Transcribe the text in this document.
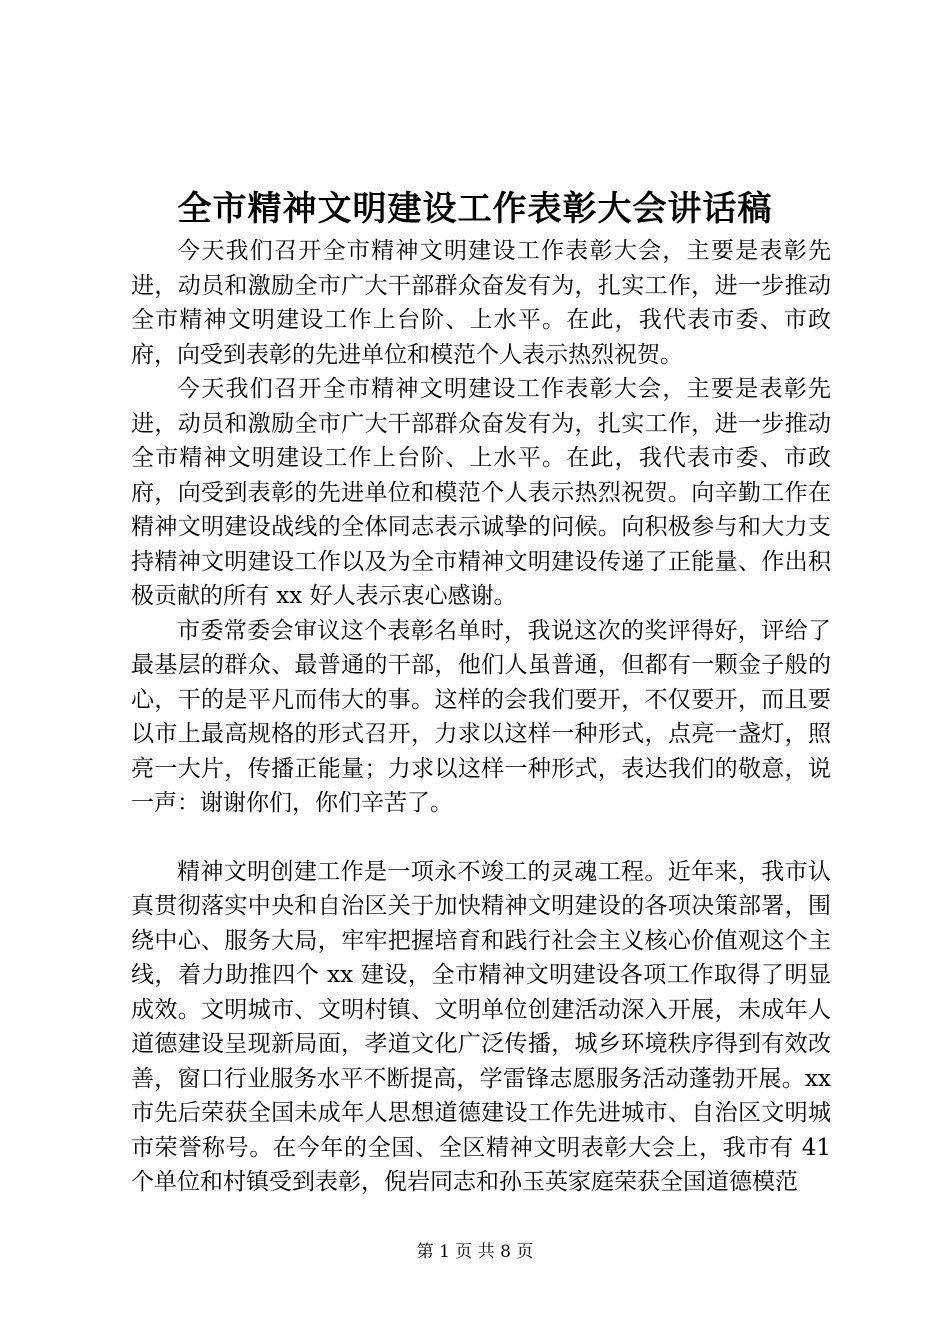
全市精神文明建设工作表彰大会讲话稿

今天我们召开全市精神文明建设工作表彰大会，主要是表彰先进，动员和激励全市广大干部群众奋发有为，扎实工作，进一步推动全市精神文明建设工作上台阶、上水平。在此，我代表市委、市政府，向受到表彰的先进单位和模范个人表示热烈祝贺。

今天我们召开全市精神文明建设工作表彰大会，主要是表彰先进，动员和激励全市广大干部群众奋发有为，扎实工作，进一步推动全市精神文明建设工作上台阶、上水平。在此，我代表市委、市政府，向受到表彰的先进单位和模范个人表示热烈祝贺。向辛勤工作在精神文明建设战线的全体同志表示诚挚的问候。向积极参与和大力支持精神文明建设工作以及为全市精神文明建设传递了正能量、作出积极贡献的所有 xx 好人表示衷心感谢。

市委常委会审议这个表彰名单时，我说这次的奖评得好，评给了最基层的群众、最普通的干部，他们人虽普通，但都有一颗金子般的心，干的是平凡而伟大的事。这样的会我们要开，不仅要开，而且要以市上最高规格的形式召开，力求以这样一种形式，点亮一盏灯，照亮一大片，传播正能量；力求以这样一种形式，表达我们的敬意，说一声：谢谢你们，你们辛苦了。

精神文明创建工作是一项永不竣工的灵魂工程。近年来，我市认真贯彻落实中央和自治区关于加快精神文明建设的各项决策部署，围绕中心、服务大局，牢牢把握培育和践行社会主义核心价值观这个主线，着力助推四个 xx 建设，全市精神文明建设各项工作取得了明显成效。文明城市、文明村镇、文明单位创建活动深入开展，未成年人道德建设呈现新局面，孝道文化广泛传播，城乡环境秩序得到有效改善，窗口行业服务水平不断提高，学雷锋志愿服务活动蓬勃开展。xx 市先后荣获全国未成年人思想道德建设工作先进城市、自治区文明城市荣誉称号。在今年的全国、全区精神文明表彰大会上，我市有 41 个单位和村镇受到表彰，倪岩同志和孙玉英家庭荣获全国道德模范

第 1 页 共 8 页
